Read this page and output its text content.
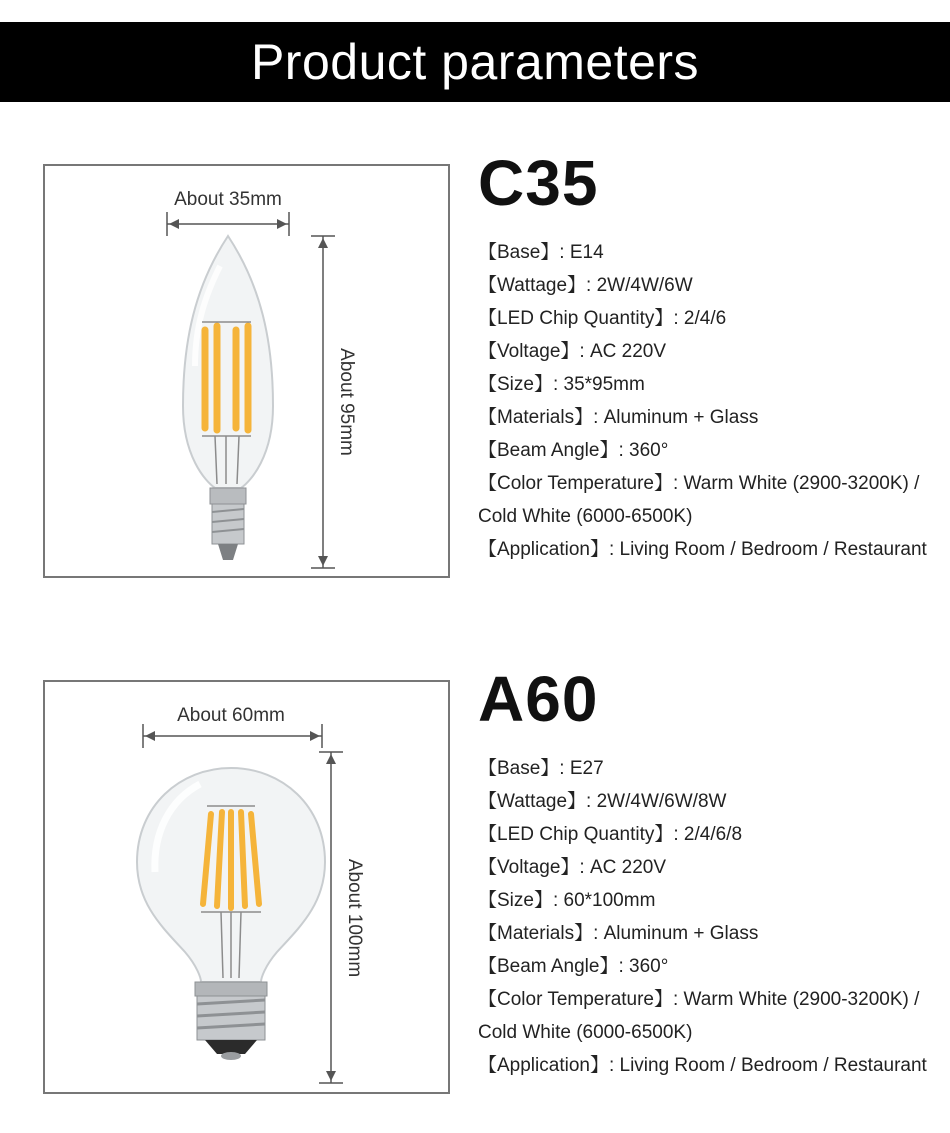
Product parameters
About 35mm
About 95mm
C35
【Base】: E14
【Wattage】: 2W/4W/6W
【LED Chip Quantity】: 2/4/6
【Voltage】: AC 220V
【Size】: 35*95mm
【Materials】: Aluminum + Glass
【Beam Angle】: 360°
【Color Temperature】: Warm White (2900-3200K) / Cold White (6000-6500K)
【Application】: Living Room / Bedroom / Restaurant
About 60mm
About 100mm
A60
【Base】: E27
【Wattage】: 2W/4W/6W/8W
【LED Chip Quantity】: 2/4/6/8
【Voltage】: AC 220V
【Size】: 60*100mm
【Materials】: Aluminum + Glass
【Beam Angle】: 360°
【Color Temperature】: Warm White (2900-3200K) / Cold White (6000-6500K)
【Application】: Living Room / Bedroom / Restaurant
